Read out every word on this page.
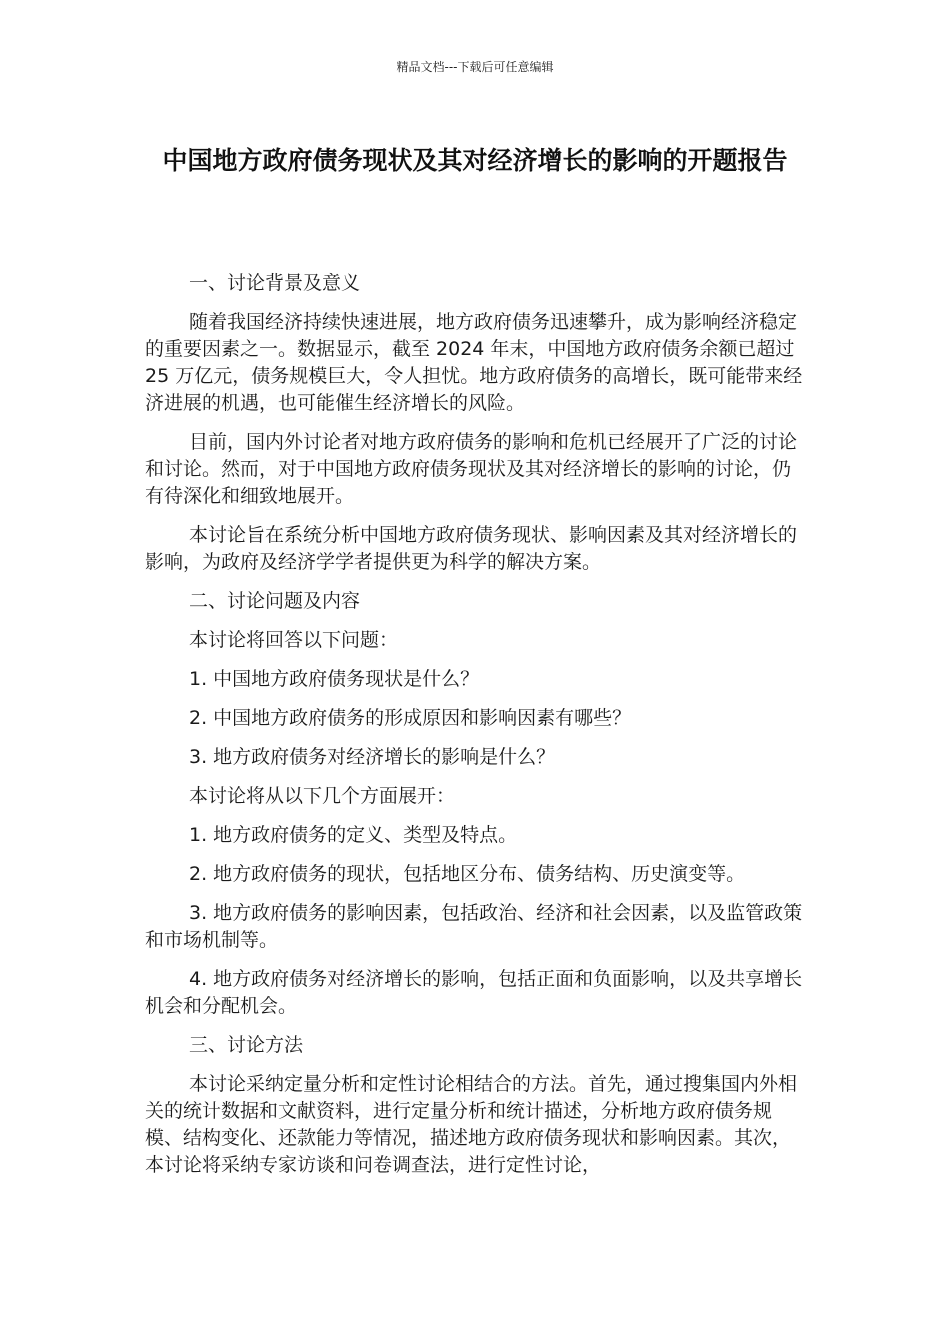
精品文档---下载后可任意编辑
中国地方政府债务现状及其对经济增长的影响的开题报告

一、讨论背景及意义

随着我国经济持续快速进展，地方政府债务迅速攀升，成为影响经济稳定的重要因素之一。数据显示，截至 2024 年末，中国地方政府债务余额已超过 25 万亿元，债务规模巨大，令人担忧。地方政府债务的高增长，既可能带来经济进展的机遇，也可能催生经济增长的风险。

目前，国内外讨论者对地方政府债务的影响和危机已经展开了广泛的讨论和讨论。然而，对于中国地方政府债务现状及其对经济增长的影响的讨论，仍有待深化和细致地展开。

本讨论旨在系统分析中国地方政府债务现状、影响因素及其对经济增长的影响，为政府及经济学学者提供更为科学的解决方案。

二、讨论问题及内容

本讨论将回答以下问题：

1. 中国地方政府债务现状是什么？

2. 中国地方政府债务的形成原因和影响因素有哪些？

3. 地方政府债务对经济增长的影响是什么？

本讨论将从以下几个方面展开：

1. 地方政府债务的定义、类型及特点。

2. 地方政府债务的现状，包括地区分布、债务结构、历史演变等。

3. 地方政府债务的影响因素，包括政治、经济和社会因素，以及监管政策和市场机制等。

4. 地方政府债务对经济增长的影响，包括正面和负面影响，以及共享增长机会和分配机会。

三、讨论方法

本讨论采纳定量分析和定性讨论相结合的方法。首先，通过搜集国内外相关的统计数据和文献资料，进行定量分析和统计描述，分析地方政府债务规模、结构变化、还款能力等情况，描述地方政府债务现状和影响因素。其次，本讨论将采纳专家访谈和问卷调查法，进行定性讨论，
